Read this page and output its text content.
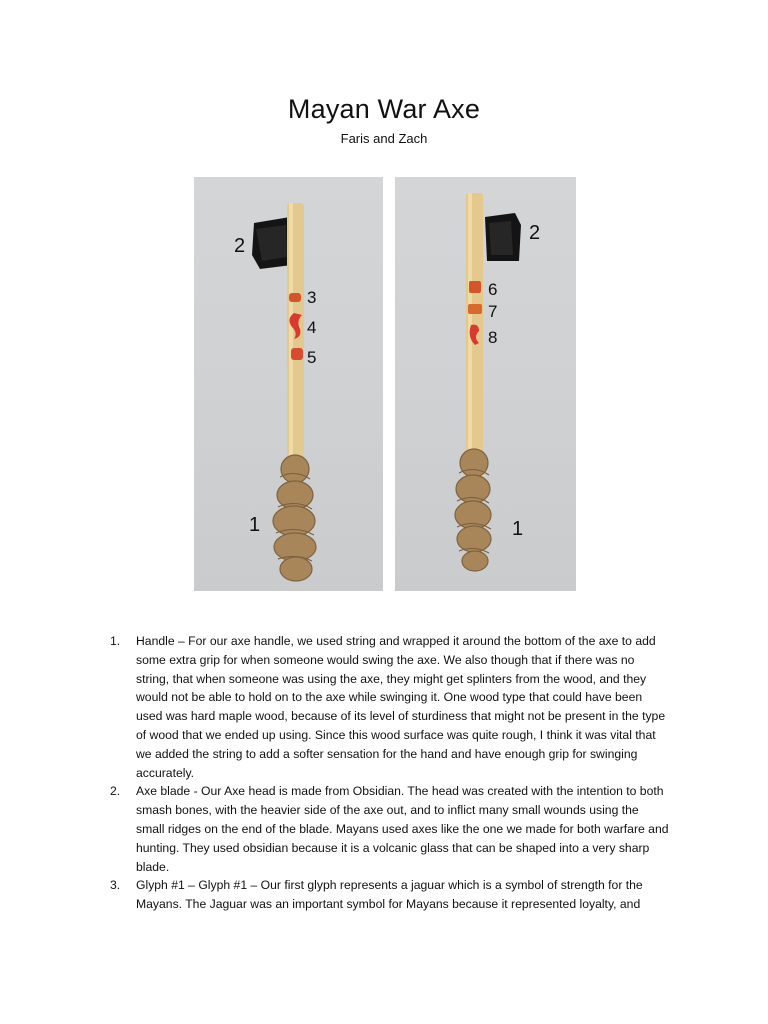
Mayan War Axe
Faris and Zach
2
3
4
5
1
2
6
7
8
1
1. Handle – For our axe handle, we used string and wrapped it around the bottom of the axe to add some extra grip for when someone would swing the axe. We also though that if there was no string, that when someone was using the axe, they might get splinters from the wood, and they would not be able to hold on to the axe while swinging it. One wood type that could have been used was hard maple wood, because of its level of sturdiness that might not be present in the type of wood that we ended up using. Since this wood surface was quite rough, I think it was vital that we added the string to add a softer sensation for the hand and have enough grip for swinging accurately.
2. Axe blade - Our Axe head is made from Obsidian. The head was created with the intention to both smash bones, with the heavier side of the axe out, and to inflict many small wounds using the small ridges on the end of the blade. Mayans used axes like the one we made for both warfare and hunting. They used obsidian because it is a volcanic glass that can be shaped into a very sharp blade.
3. Glyph #1 – Glyph #1 – Our first glyph represents a jaguar which is a symbol of strength for the Mayans. The Jaguar was an important symbol for Mayans because it represented loyalty, and
